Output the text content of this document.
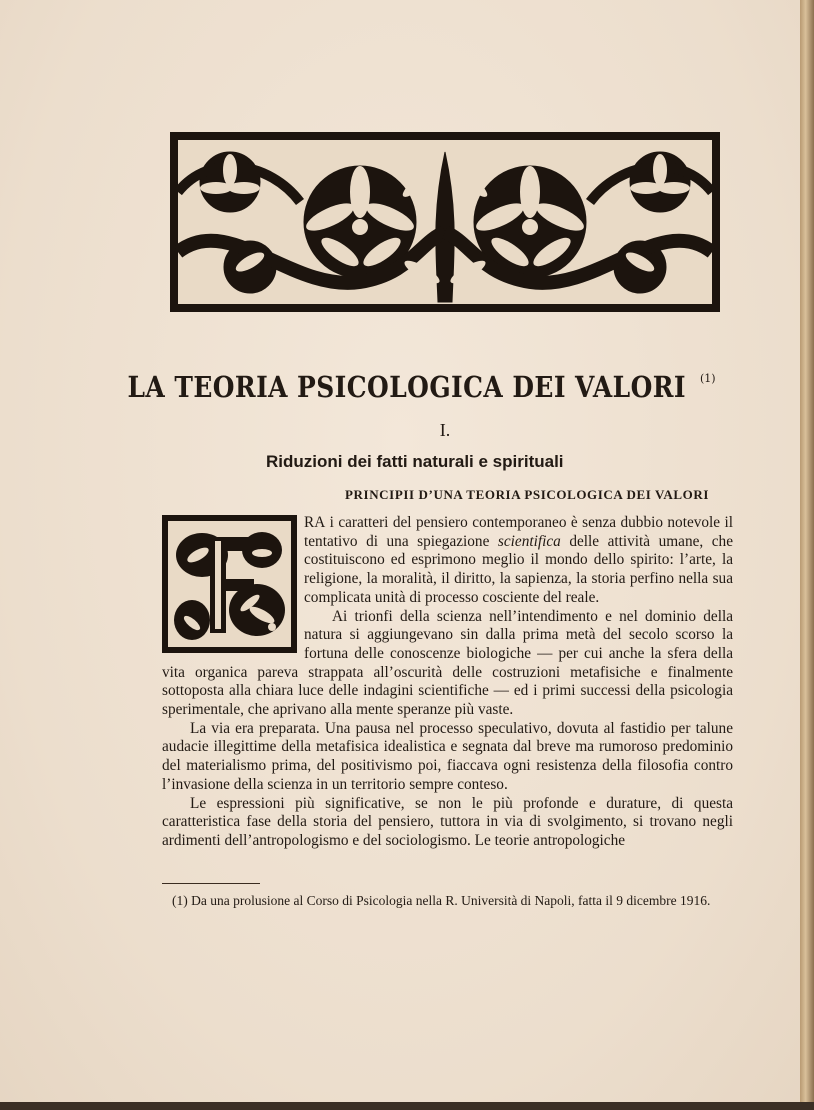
LA TEORIA PSICOLOGICA DEI VALORI (1)
I.
Riduzioni dei fatti naturali e spirituali
PRINCIPII D’UNA TEORIA PSICOLOGICA DEI VALORI

RA i caratteri del pensiero contemporaneo è senza dubbio notevole il tentativo di una spiegazione scientifica delle attività umane, che costituiscono ed esprimono meglio il mondo dello spirito: l’arte, la religione, la moralità, il diritto, la sapienza, la storia perfino nella sua complicata unità di processo cosciente del reale.

Ai trionfi della scienza nell’intendimento e nel dominio della natura si aggiungevano sin dalla prima metà del secolo scorso la fortuna delle conoscenze biologiche — per cui anche la sfera della vita organica pareva strappata all’oscurità delle costruzioni metafisiche e finalmente sottoposta alla chiara luce delle indagini scientifiche — ed i primi successi della psicologia sperimentale, che aprivano alla mente speranze più vaste.

La via era preparata. Una pausa nel processo speculativo, dovuta al fastidio per talune audacie illegittime della metafisica idealistica e segnata dal breve ma rumoroso predominio del materialismo prima, del positivismo poi, fiaccava ogni resistenza della filosofia contro l’invasione della scienza in un territorio sempre conteso.

Le espressioni più significative, se non le più profonde e durature, di questa caratteristica fase della storia del pensiero, tuttora in via di svolgimento, si trovano negli ardimenti dell’antropologismo e del sociologismo. Le teorie antropologiche

(1) Da una prolusione al Corso di Psicologia nella R. Università di Napoli, fatta il 9 dicembre 1916.
